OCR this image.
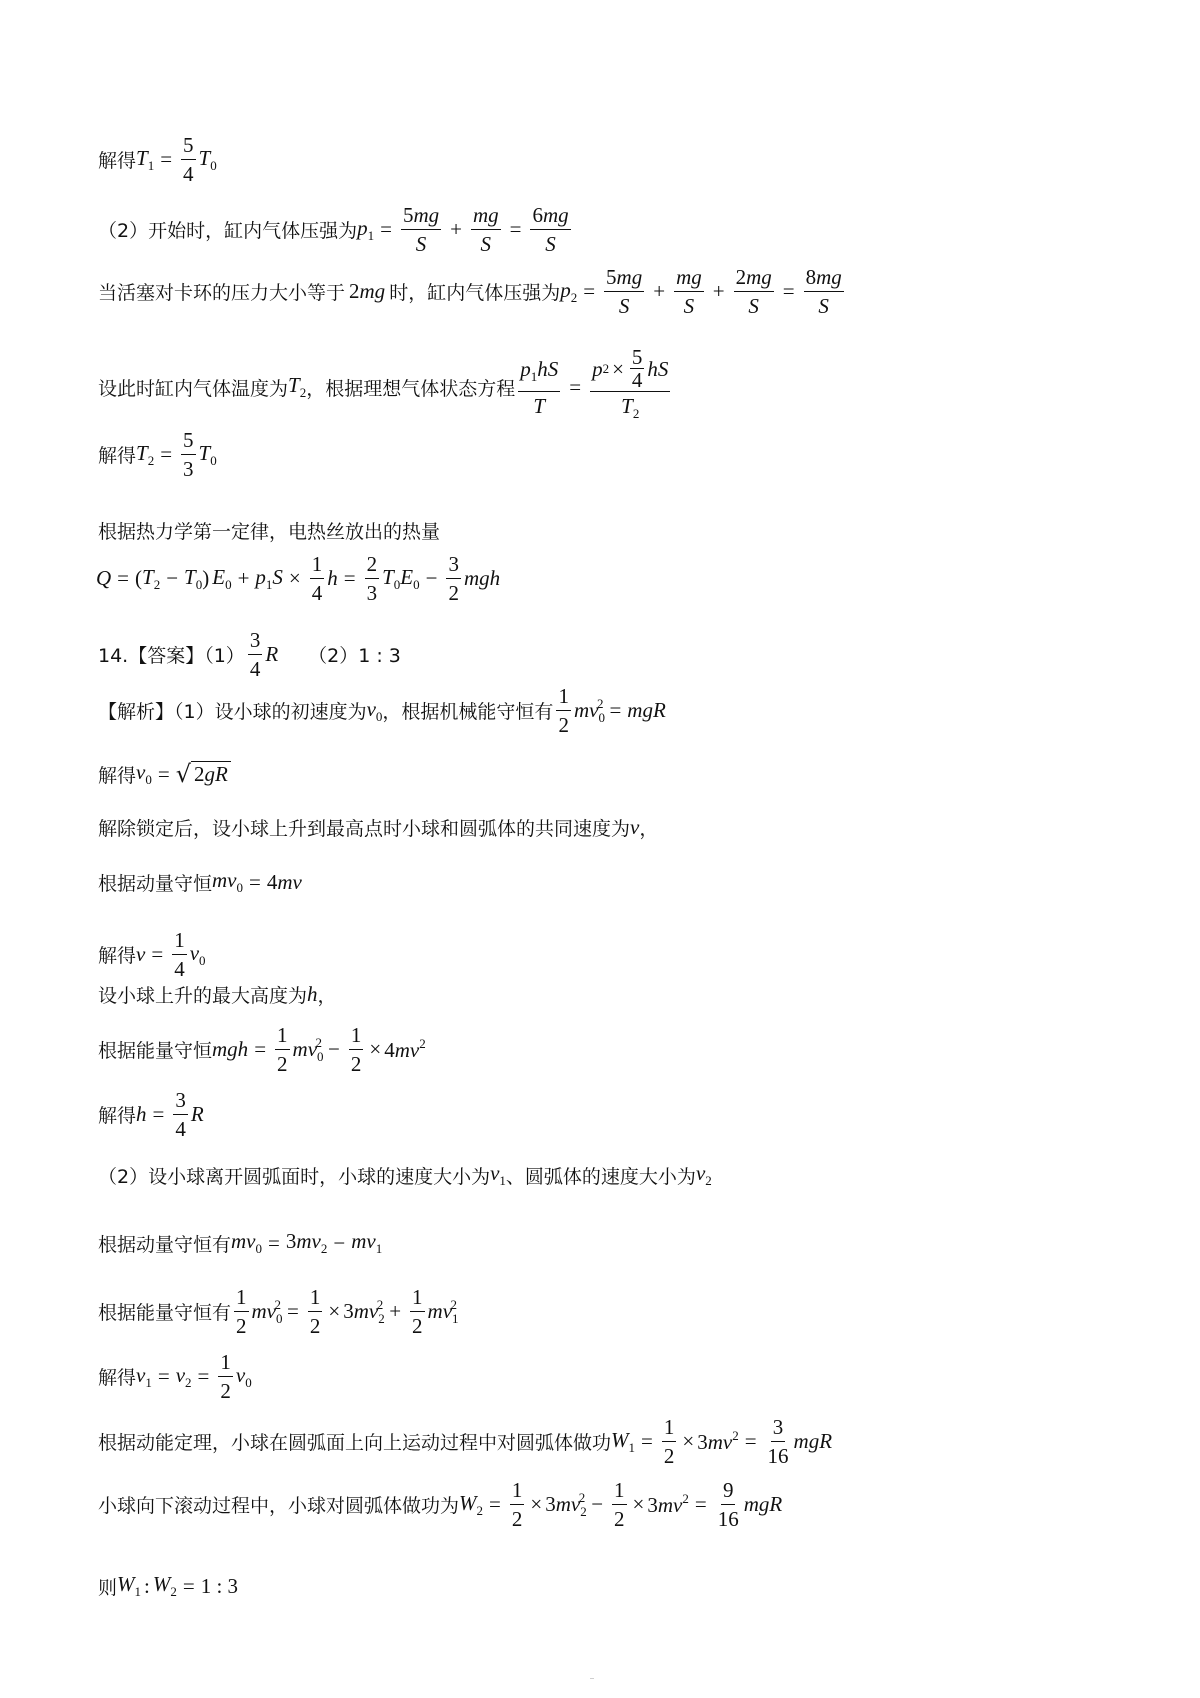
解得 $T_1 = \frac{5}{4} T_0$
（2）开始时，缸内气体压强为 $p_1 = \frac{5mg}{S} + \frac{mg}{S} = \frac{6mg}{S}$
当活塞对卡环的压力大小等于 2mg 时，缸内气体压强为 $p_2 = \frac{5mg}{S} + \frac{mg}{S} + \frac{2mg}{S} = \frac{8mg}{S}$
设此时缸内气体温度为 $T_2$ ，根据理想气体状态方程 $\frac{p_1hS}{T} = \frac{p 2 \times \frac{5}{4} hS}{T_2}$
解得 $T_2 = \frac{5}{3} T_0$
根据热力学第一定律，电热丝放出的热量
Q = ( $T_2 - T_0$ ) $E_0 + p_1S \times \frac{1}{4}$ $h = \frac{2}{3} T_0E_0 - \frac{3}{2}$ mgh
14.【答案】$(1) \frac{3}{4}$ R （2）1 : 3
【解析】（1）设小球的初速度为 $v_0$ ，根据机械能守恒有 $\frac{1}{2} mv_0^2$ = mgR
解得 $v_0$ = √ 2gR
解除锁定后，设小球上升到最高点时小球和圆弧体的共同速度为 v ，
根据动量守恒 $mv_0 = 4mv$
解得 $v = \frac{1}{4} v_0$
设小球上升的最大高度为 h ，
根据能量守恒 mgh = $\frac{1}{2} mv_0^2 - \frac{1}{2} \times 4mv^2$
解得 $h = \frac{3}{4}$ R
（2）设小球离开圆弧面时，小球的速度大小为 $v_1$ 、圆弧体的速度大小为 $v_2$
根据动量守恒有 $mv_0 = 3mv_2 - mv_1$
根据能量守恒有 $\frac{1}{2} mv_0^2 = \frac{1}{2} \times 3mv_2^2 + \frac{1}{2} mv_1^2$
解得 $v_1 = v_2 = \frac{1}{2} v_0$
根据动能定理，小球在圆弧面上向上运动过程中对圆弧体做功 $W_1 = \frac{1}{2} \times 3mv^2 = \frac{3}{16}$ mgR
小球向下滚动过程中，小球对圆弧体做功为 $W_2 = \frac{1}{2} \times 3mv_2^2 - \frac{1}{2} \times 3mv^2 = \frac{9}{16}$ mgR
则 $W_1$ : $W_2 = 1$ : 3
